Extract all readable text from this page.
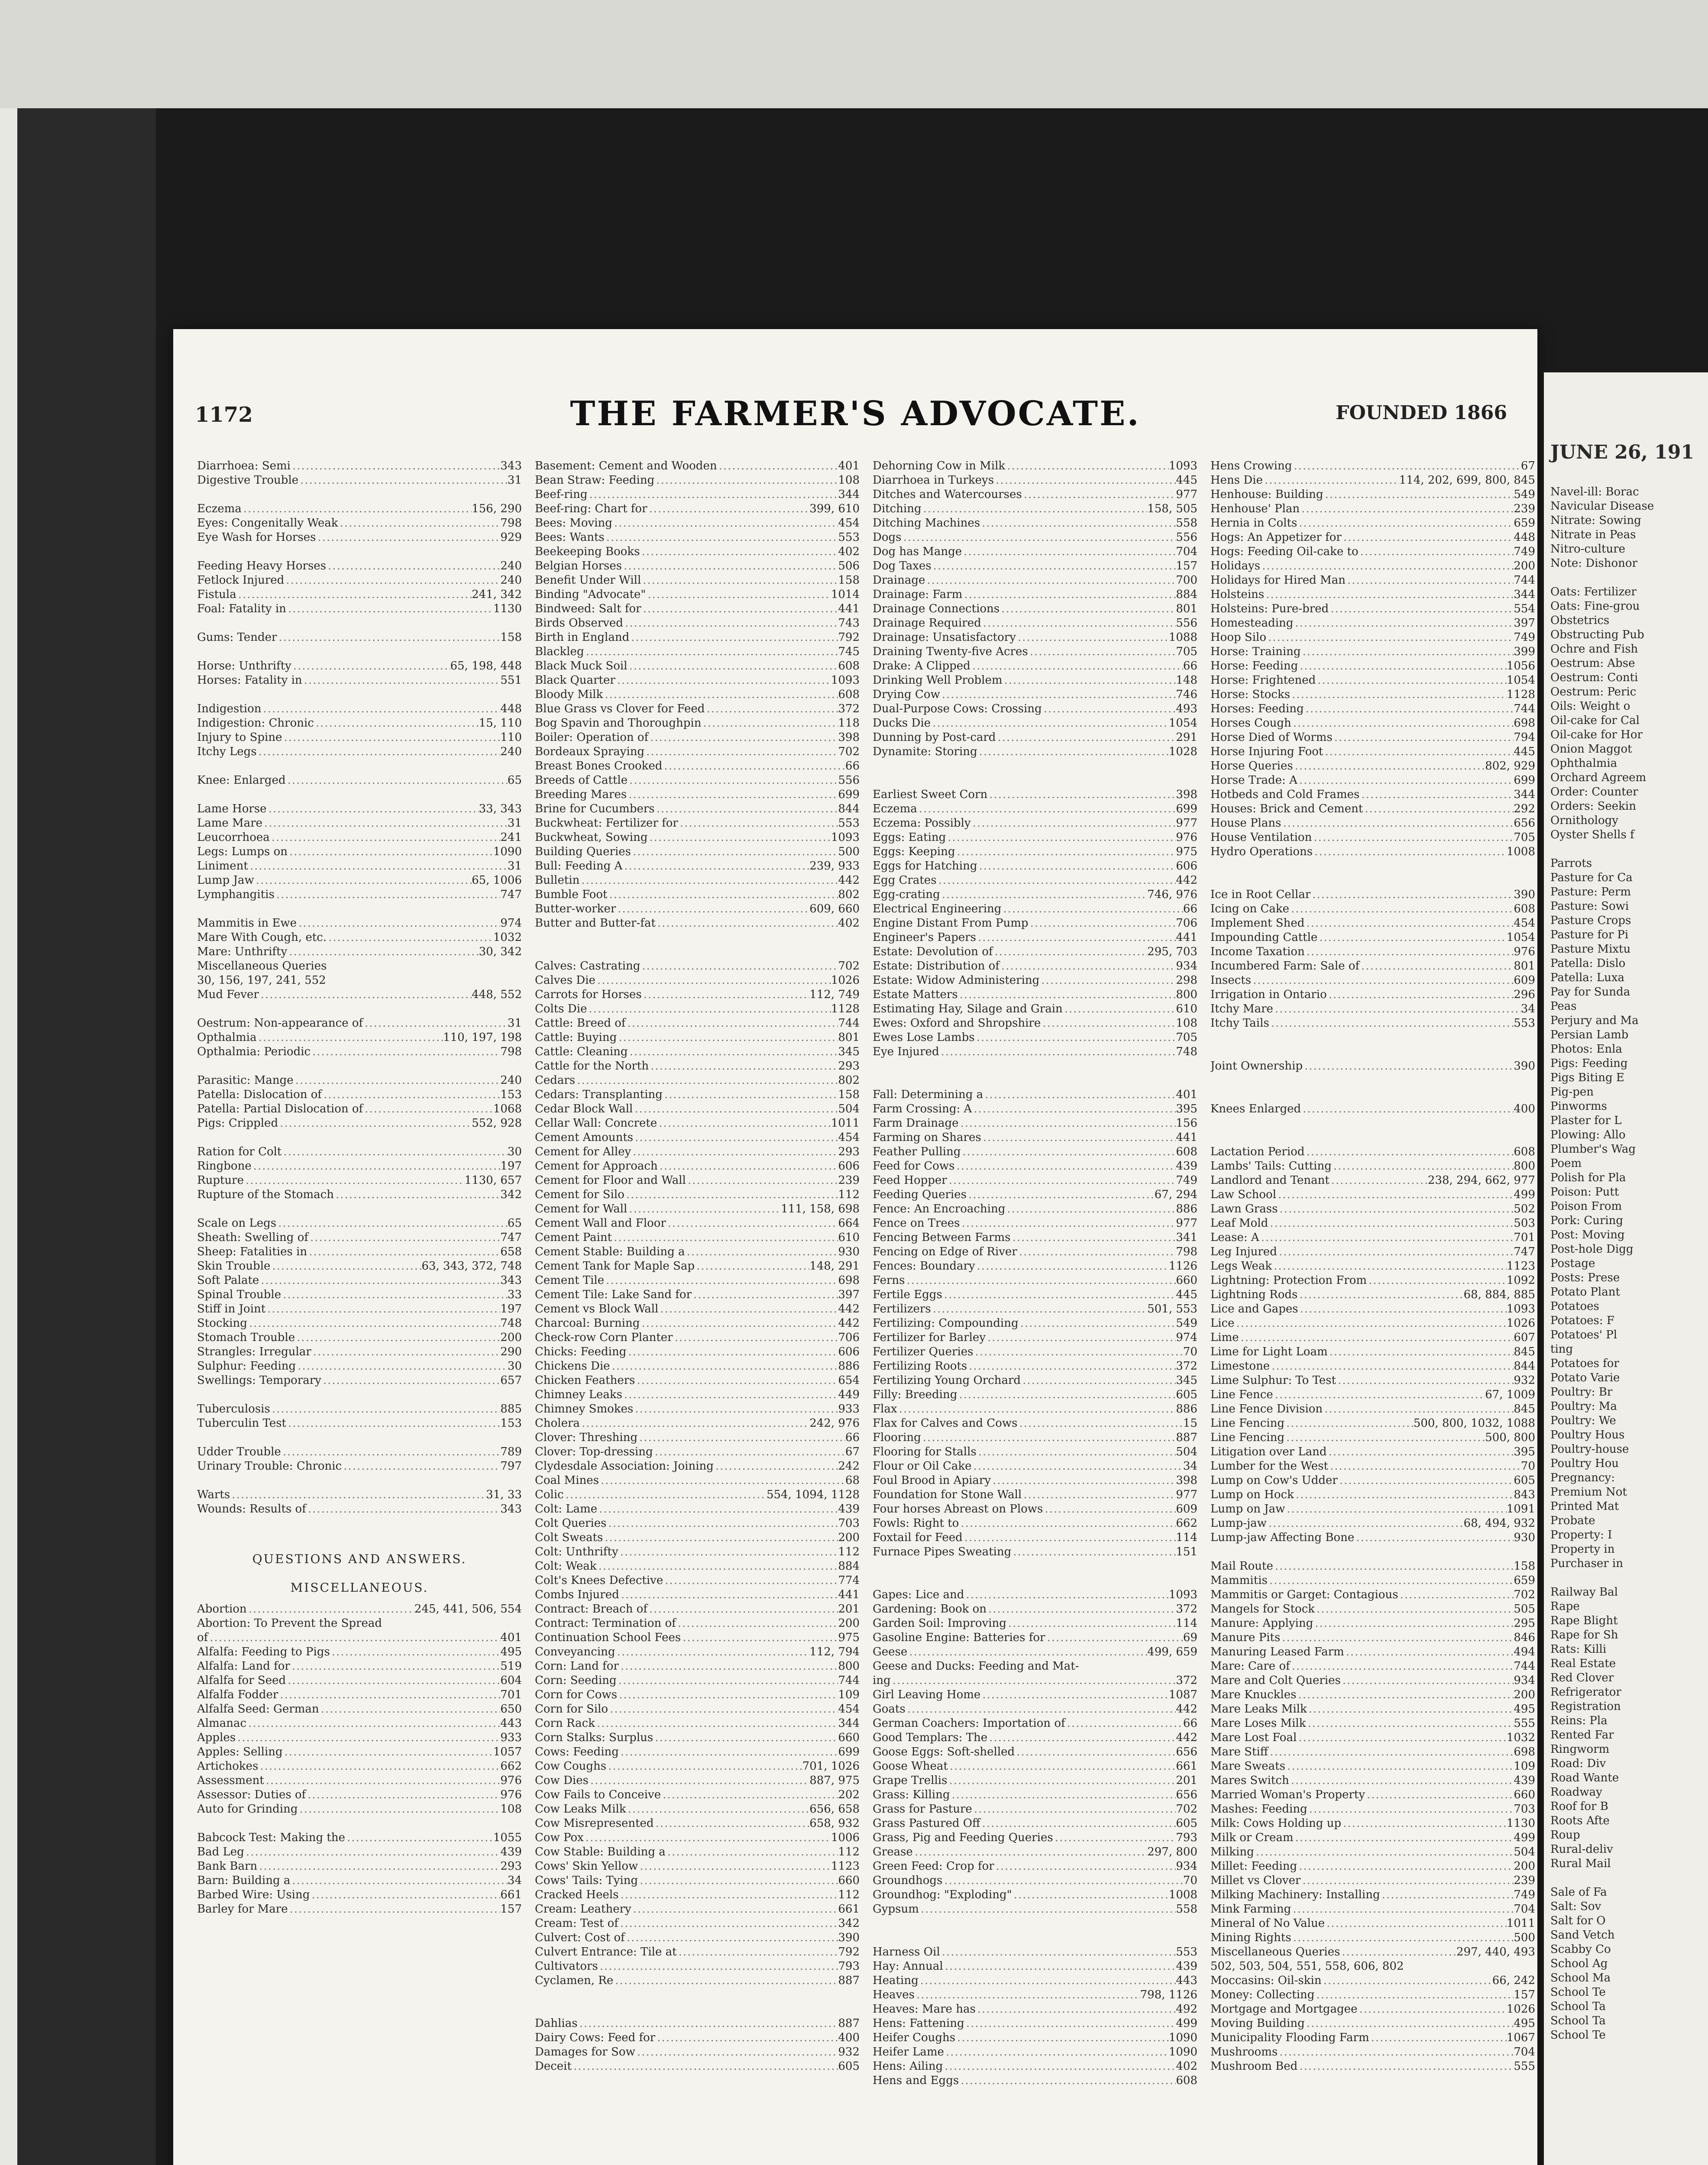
1172	THE FARMER'S ADVOCATE.	FOUNDED 1866
Diarrhoea: Semi .....	343
Digestive Trouble .....	31
Eczema .....	156, 290
Eyes: Congenitally Weak .....	798
Eye Wash for Horses .....	929
Feeding Heavy Horses .....	240
Fetlock Injured .....	240
Fistula .....	241, 342
Foal: Fatality in .....	1130
Gums: Tender .....	158
Horse: Unthrifty .....	65, 198, 448
Horses: Fatality in .....	551
Indigestion .....	448
Indigestion: Chronic .....	15, 110
Injury to Spine .....	110
Itchy Legs .....	240
Knee: Enlarged .....	65
Lame Horse .....	33, 343
Lame Mare .....	31
Leucorrhoea .....	241
Legs: Lumps on .....	1090
Liniment .....	31
Lump Jaw .....	65, 1006
Lymphangitis .....	747
Mammitis in Ewe .....	974
Mare With Cough, etc. .....	1032
Mare: Unthrifty .....	30, 342
Miscellaneous Queries
30, 156, 197, 241, 552
Mud Fever .....	448, 552
Oestrum: Non-appearance of .....	31
Opthalmia .....	110, 197, 198
Opthalmia: Periodic .....	798
Parasitic: Mange .....	240
Patella: Dislocation of .....	153
Patella: Partial Dislocation of .....	1068
Pigs: Crippled .....	552, 928
Ration for Colt .....	30
Ringbone .....	197
Rupture .....	1130, 657
Rupture of the Stomach .....	342
Scale on Legs .....	65
Sheath: Swelling of .....	747
Sheep: Fatalities in .....	658
Skin Trouble .....	63, 343, 372, 748
Soft Palate .....	343
Spinal Trouble .....	33
Stiff in Joint .....	197
Stocking .....	748
Stomach Trouble .....	200
Strangles: Irregular .....	290
Sulphur: Feeding .....	30
Swellings: Temporary .....	657
Tuberculosis .....	885
Tuberculin Test .....	153
Udder Trouble .....	789
Urinary Trouble: Chronic .....	797
Warts .....	31, 33
Wounds: Results of .....	343
QUESTIONS AND ANSWERS.
MISCELLANEOUS.
Abortion .....	245, 441, 506, 554
Abortion: To Prevent the Spread
of .....	401
Alfalfa: Feeding to Pigs .....	495
Alfalfa: Land for .....	519
Alfalfa for Seed .....	604
Alfalfa Fodder .....	701
Alfalfa Seed: German .....	650
Almanac .....	443
Apples .....	933
Apples: Selling .....	1057
Artichokes .....	662
Assessment .....	976
Assessor: Duties of .....	976
Auto for Grinding .....	108
Babcock Test: Making the .....	1055
Bad Leg .....	439
Bank Barn .....	293
Barn: Building a .....	34
Barbed Wire: Using .....	661
Barley for Mare .....	157
Basement: Cement and Wooden .....	401
Bean Straw: Feeding .....	108
Beef-ring .....	344
Beef-ring: Chart for .....	399, 610
Bees: Moving .....	454
Bees: Wants .....	553
Beekeeping Books .....	402
Belgian Horses .....	506
Benefit Under Will .....	158
Binding "Advocate" .....	1014
Bindweed: Salt for .....	441
Birds Observed .....	743
Birth in England .....	792
Blackleg .....	745
Black Muck Soil .....	608
Black Quarter .....	1093
Bloody Milk .....	608
Blue Grass vs Clover for Feed .....	372
Bog Spavin and Thoroughpin .....	118
Boiler: Operation of .....	398
Bordeaux Spraying .....	702
Breast Bones Crooked .....	66
Breeds of Cattle .....	556
Breeding Mares .....	699
Brine for Cucumbers .....	844
Buckwheat: Fertilizer for .....	553
Buckwheat, Sowing .....	1093
Building Queries .....	500
Bull: Feeding A .....	239, 933
Bulletin .....	442
Bumble Foot .....	802
Butter-worker .....	609, 660
Butter and Butter-fat .....	402
Calves: Castrating .....	702
Calves Die .....	1026
Carrots for Horses .....	112, 749
Colts Die .....	1128
Cattle: Breed of .....	744
Cattle: Buying .....	801
Cattle: Cleaning .....	345
Cattle for the North .....	293
Cedars .....	802
Cedars: Transplanting .....	158
Cedar Block Wall .....	504
Cellar Wall: Concrete .....	1011
Cement Amounts .....	454
Cement for Alley .....	293
Cement for Approach .....	606
Cement for Floor and Wall .....	239
Cement for Silo .....	112
Cement for Wall .....	111, 158, 698
Cement Wall and Floor .....	664
Cement Paint .....	610
Cement Stable: Building a .....	930
Cement Tank for Maple Sap .....	148, 291
Cement Tile .....	698
Cement Tile: Lake Sand for .....	397
Cement vs Block Wall .....	442
Charcoal: Burning .....	442
Check-row Corn Planter .....	706
Chicks: Feeding .....	606
Chickens Die .....	886
Chicken Feathers .....	654
Chimney Leaks .....	449
Chimney Smokes .....	933
Cholera .....	242, 976
Clover: Threshing .....	66
Clover: Top-dressing .....	67
Clydesdale Association: Joining .....	242
Coal Mines .....	68
Colic .....	554, 1094, 1128
Colt: Lame .....	439
Colt Queries .....	703
Colt Sweats .....	200
Colt: Unthrifty .....	112
Colt: Weak .....	884
Colt's Knees Defective .....	774
Combs Injured .....	441
Contract: Breach of .....	201
Contract: Termination of .....	200
Continuation School Fees .....	975
Conveyancing .....	112, 794
Corn: Land for .....	800
Corn: Seeding .....	744
Corn for Cows .....	109
Corn for Silo .....	454
Corn Rack .....	344
Corn Stalks: Surplus .....	660
Cows: Feeding .....	699
Cow Coughs .....	701, 1026
Cow Dies .....	887, 975
Cow Fails to Conceive .....	202
Cow Leaks Milk .....	656, 658
Cow Misrepresented .....	658, 932
Cow Pox .....	1006
Cow Stable: Building a .....	112
Cows' Skin Yellow .....	1123
Cows' Tails: Tying .....	660
Cracked Heels .....	112
Cream: Leathery .....	661
Cream: Test of .....	342
Culvert: Cost of .....	390
Culvert Entrance: Tile at .....	792
Cultivators .....	793
Cyclamen, Re .....	887
Dahlias .....	887
Dairy Cows: Feed for .....	400
Damages for Sow .....	932
Deceit .....	605
Dehorning Cow in Milk .....	1093
Diarrhoea in Turkeys .....	445
Ditches and Watercourses .....	977
Ditching .....	158, 505
Ditching Machines .....	558
Dogs .....	556
Dog has Mange .....	704
Dog Taxes .....	157
Drainage .....	700
Drainage: Farm .....	884
Drainage Connections .....	801
Drainage Required .....	556
Drainage: Unsatisfactory .....	1088
Draining Twenty-five Acres .....	705
Drake: A Clipped .....	66
Drinking Well Problem .....	148
Drying Cow .....	746
Dual-Purpose Cows: Crossing .....	493
Ducks Die .....	1054
Dunning by Post-card .....	291
Dynamite: Storing .....	1028
Earliest Sweet Corn .....	398
Eczema .....	699
Eczema: Possibly .....	977
Eggs: Eating .....	976
Eggs: Keeping .....	975
Eggs for Hatching .....	606
Egg Crates .....	442
Egg-crating .....	746, 976
Electrical Engineering .....	66
Engine Distant From Pump .....	706
Engineer's Papers .....	441
Estate: Devolution of .....	295, 703
Estate: Distribution of .....	934
Estate: Widow Administering .....	298
Estate Matters .....	800
Estimating Hay, Silage and Grain .....	610
Ewes: Oxford and Shropshire .....	108
Ewes Lose Lambs .....	705
Eye Injured .....	748
Fall: Determining a .....	401
Farm Crossing: A .....	395
Farm Drainage .....	156
Farming on Shares .....	441
Feather Pulling .....	608
Feed for Cows .....	439
Feed Hopper .....	749
Feeding Queries .....	67, 294
Fence: An Encroaching .....	886
Fence on Trees .....	977
Fencing Between Farms .....	341
Fencing on Edge of River .....	798
Fences: Boundary .....	1126
Ferns .....	660
Fertile Eggs .....	445
Fertilizers .....	501, 553
Fertilizing: Compounding .....	549
Fertilizer for Barley .....	974
Fertilizer Queries .....	70
Fertilizing Roots .....	372
Fertilizing Young Orchard .....	345
Filly: Breeding .....	605
Flax .....	886
Flax for Calves and Cows .....	15
Flooring .....	887
Flooring for Stalls .....	504
Flour or Oil Cake .....	34
Foul Brood in Apiary .....	398
Foundation for Stone Wall .....	977
Four horses Abreast on Plows .....	609
Fowls: Right to .....	662
Foxtail for Feed .....	114
Furnace Pipes Sweating .....	151
Gapes: Lice and .....	1093
Gardening: Book on .....	372
Garden Soil: Improving .....	114
Gasoline Engine: Batteries for .....	69
Geese .....	499, 659
Geese and Ducks: Feeding and Mat-
ing .....	372
Girl Leaving Home .....	1087
Goats .....	442
German Coachers: Importation of .....	66
Good Templars: The .....	442
Goose Eggs: Soft-shelled .....	656
Goose Wheat .....	661
Grape Trellis .....	201
Grass: Killing .....	656
Grass for Pasture .....	702
Grass Pastured Off .....	605
Grass, Pig and Feeding Queries .....	793
Grease .....	297, 800
Green Feed: Crop for .....	934
Groundhogs .....	70
Groundhog: "Exploding" .....	1008
Gypsum .....	558
Harness Oil .....	553
Hay: Annual .....	439
Heating .....	443
Heaves .....	798, 1126
Heaves: Mare has .....	492
Hens: Fattening .....	499
Heifer Coughs .....	1090
Heifer Lame .....	1090
Hens: Ailing .....	402
Hens and Eggs .....	608
Hens Crowing .....	67
Hens Die .....	114, 202, 699, 800, 845
Henhouse: Building .....	549
Henhouse' Plan .....	239
Hernia in Colts .....	659
Hogs: An Appetizer for .....	448
Hogs: Feeding Oil-cake to .....	749
Holidays .....	200
Holidays for Hired Man .....	744
Holsteins .....	344
Holsteins: Pure-bred .....	554
Homesteading .....	397
Hoop Silo .....	749
Horse: Training .....	399
Horse: Feeding .....	1056
Horse: Frightened .....	1054
Horse: Stocks .....	1128
Horses: Feeding .....	744
Horses Cough .....	698
Horse Died of Worms .....	794
Horse Injuring Foot .....	445
Horse Queries .....	802, 929
Horse Trade: A .....	699
Hotbeds and Cold Frames .....	344
Houses: Brick and Cement .....	292
House Plans .....	656
House Ventilation .....	705
Hydro Operations .....	1008
Ice in Root Cellar .....	390
Icing on Cake .....	608
Implement Shed .....	454
Impounding Cattle .....	1054
Income Taxation .....	976
Incumbered Farm: Sale of .....	801
Insects .....	609
Irrigation in Ontario .....	296
Itchy Mare .....	34
Itchy Tails .....	553
Joint Ownership .....	390
Knees Enlarged .....	400
Lactation Period .....	608
Lambs' Tails: Cutting .....	800
Landlord and Tenant .....	238, 294, 662, 977
Law School .....	499
Lawn Grass .....	502
Leaf Mold .....	503
Lease: A .....	701
Leg Injured .....	747
Legs Weak .....	1123
Lightning: Protection From .....	1092
Lightning Rods .....	68, 884, 885
Lice and Gapes .....	1093
Lice .....	1026
Lime .....	607
Lime for Light Loam .....	845
Limestone .....	844
Lime Sulphur: To Test .....	932
Line Fence .....	67, 1009
Line Fence Division .....	845
Line Fencing .....	500, 800, 1032, 1088
Line Fencing .....	500, 800
Litigation over Land .....	395
Lumber for the West .....	70
Lump on Cow's Udder .....	605
Lump on Hock .....	843
Lump on Jaw .....	1091
Lump-jaw .....	68, 494, 932
Lump-jaw Affecting Bone .....	930
Mail Route .....	158
Mammitis .....	659
Mammitis or Garget: Contagious .....	702
Mangels for Stock .....	505
Manure: Applying .....	295
Manure Pits .....	846
Manuring Leased Farm .....	494
Mare: Care of .....	744
Mare and Colt Queries .....	934
Mare Knuckles .....	200
Mare Leaks Milk .....	495
Mare Loses Milk .....	555
Mare Lost Foal .....	1032
Mare Stiff .....	698
Mare Sweats .....	109
Mares Switch .....	439
Married Woman's Property .....	660
Mashes: Feeding .....	703
Milk: Cows Holding up .....	1130
Milk or Cream .....	499
Milking .....	504
Millet: Feeding .....	200
Millet vs Clover .....	239
Milking Machinery: Installing .....	749
Mink Farming .....	704
Mineral of No Value .....	1011
Mining Rights .....	500
Miscellaneous Queries .....	297, 440, 493
502, 503, 504, 551, 558, 606, 802
Moccasins: Oil-skin .....	66, 242
Money: Collecting .....	157
Mortgage and Mortgagee .....	1026
Moving Building .....	495
Municipality Flooding Farm .....	1067
Mushrooms .....	704
Mushroom Bed .....	555
JUNE 26, 191
Navel-ill: Borac
Navicular Disease
Nitrate: Sowing
Nitrate in Peas
Nitro-culture
Note: Dishonor
Oats: Fertilizer
Oats: Fine-grou
Obstetrics
Obstructing Pub
Ochre and Fish
Oestrum: Abse
Oestrum: Conti
Oestrum: Peric
Oils: Weight o
Oil-cake for Cal
Oil-cake for Hor
Onion Maggot
Ophthalmia
Orchard Agreem
Order: Counter
Orders: Seekin
Ornithology
Oyster Shells f
Parrots
Pasture for Ca
Pasture: Perm
Pasture: Sowi
Pasture Crops
Pasture for Pi
Pasture Mixtu
Patella: Dislo
Patella: Luxa
Pay for Sunda
Peas
Perjury and Ma
Persian Lamb
Photos: Enla
Pigs: Feeding
Pigs Biting E
Pig-pen
Pinworms
Plaster for L
Plowing: Allo
Plumber's Wag
Poem
Polish for Pla
Poison: Putt
Poison From
Pork: Curing
Post: Moving
Post-hole Digg
Postage
Posts: Prese
Potato Plant
Potatoes
Potatoes: F
Potatoes' Pl
ting
Potatoes for
Potato Varie
Poultry: Br
Poultry: Ma
Poultry: We
Poultry Hous
Poultry-house
Poultry Hou
Pregnancy:
Premium Not
Printed Mat
Probate
Property: I
Property in
Purchaser in
Railway Bal
Rape
Rape Blight
Rape for Sh
Rats: Killi
Real Estate
Red Clover
Refrigerator
Registration
Reins: Pla
Rented Far
Ringworm
Road: Div
Road Wante
Roadway
Roof for B
Roots Afte
Roup
Rural-deliv
Rural Mail
Sale of Fa
Salt: Sov
Salt for O
Sand Vetch
Scabby Co
School Ag
School Ma
School Te
School Ta
School Ta
School Te
